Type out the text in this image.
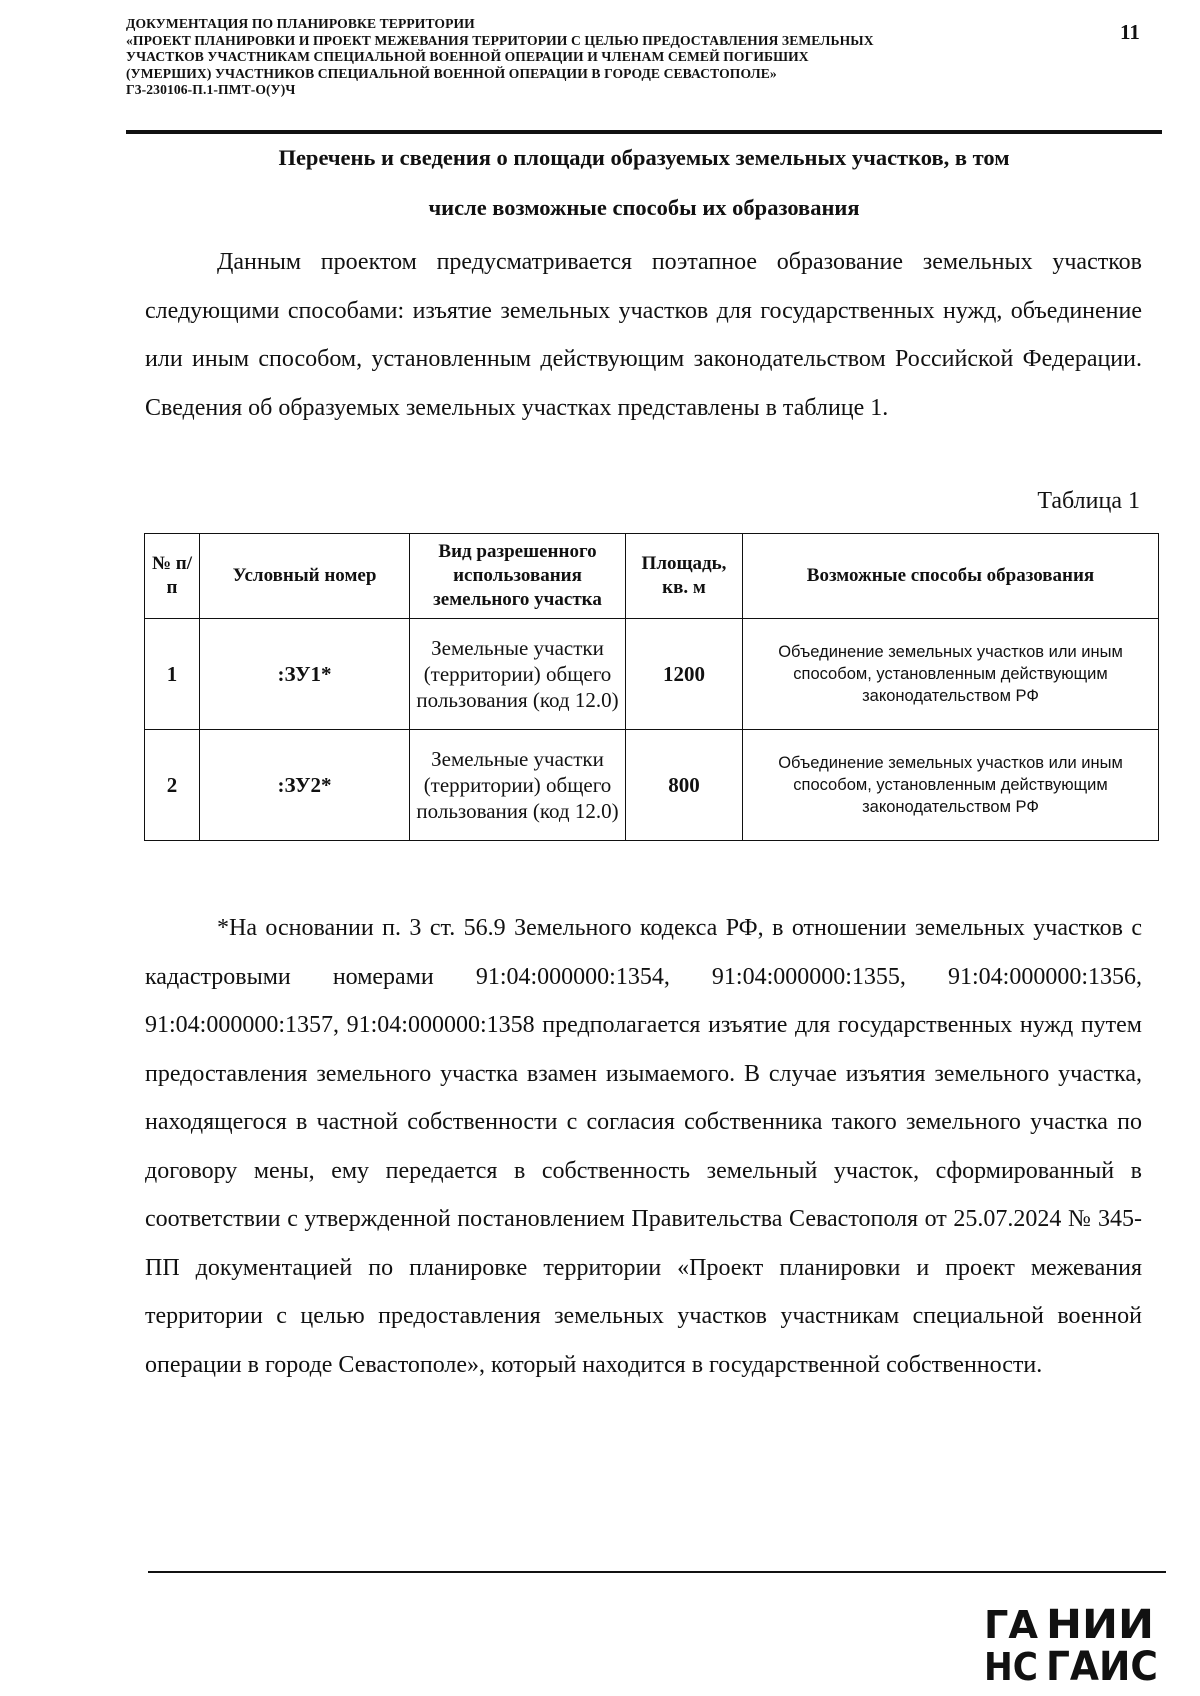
ДОКУМЕНТАЦИЯ ПО ПЛАНИРОВКЕ ТЕРРИТОРИИ
«ПРОЕКТ ПЛАНИРОВКИ И ПРОЕКТ МЕЖЕВАНИЯ ТЕРРИТОРИИ С ЦЕЛЬЮ ПРЕДОСТАВЛЕНИЯ ЗЕМЕЛЬНЫХ
УЧАСТКОВ УЧАСТНИКАМ СПЕЦИАЛЬНОЙ ВОЕННОЙ ОПЕРАЦИИ И ЧЛЕНАМ СЕМЕЙ ПОГИБШИХ
(УМЕРШИХ) УЧАСТНИКОВ СПЕЦИАЛЬНОЙ ВОЕННОЙ ОПЕРАЦИИ В ГОРОДЕ СЕВАСТОПОЛЕ»
Г3-230106-П.1-ПМТ-О(У)Ч
11
Перечень и сведения о площади образуемых земельных участков, в том
числе возможные способы их образования
Данным проектом предусматривается поэтапное образование земельных участков следующими способами: изъятие земельных участков для государственных нужд, объединение или иным способом, установленным действующим законодательством Российской Федерации. Сведения об образуемых земельных участках представлены в таблице 1.
Таблица 1
№ п/п	Условный номер	Вид разрешенного использования земельного участка	Площадь, кв. м	Возможные способы образования
1	:ЗУ1*	Земельные участки (территории) общего пользования (код 12.0)	1200	Объединение земельных участков или иным способом, установленным действующим законодательством РФ
2	:ЗУ2*	Земельные участки (территории) общего пользования (код 12.0)	800	Объединение земельных участков или иным способом, установленным действующим законодательством РФ
*На основании п. 3 ст. 56.9 Земельного кодекса РФ, в отношении земельных участков с кадастровыми номерами 91:04:000000:1354, 91:04:000000:1355, 91:04:000000:1356, 91:04:000000:1357, 91:04:000000:1358 предполагается изъятие для государственных нужд путем предоставления земельного участка взамен изымаемого. В случае изъятия земельного участка, находящегося в частной собственности с согласия собственника такого земельного участка по договору мены, ему передается в собственность земельный участок, сформированный в соответствии с утвержденной постановлением Правительства Севастополя от 25.07.2024 № 345-ПП документацией по планировке территории «Проект планировки и проект межевания территории с целью предоставления земельных участков участникам специальной военной операции в городе Севастополе», который находится в государственной собственности.
ГА
НС
НИИ
ГАИС
